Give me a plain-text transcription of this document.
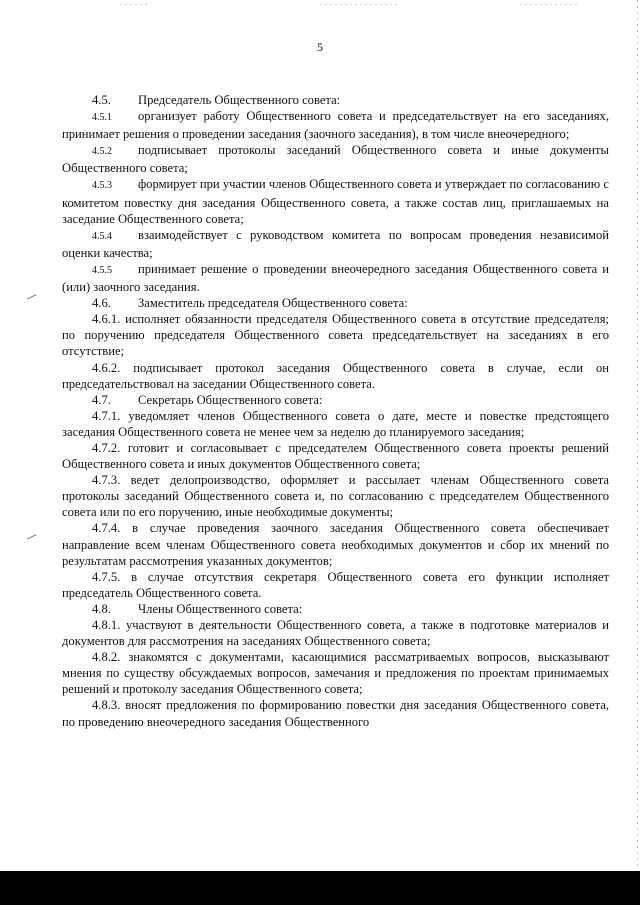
5

4.5. Председатель Общественного совета:

4.5.1 организует работу Общественного совета и председательствует на его заседаниях, принимает решения о проведении заседания (заочного заседания), в том числе внеочередного;

4.5.2 подписывает протоколы заседаний Общественного совета и иные документы Общественного совета;

4.5.3 формирует при участии членов Общественного совета и утверждает по согласованию с комитетом повестку дня заседания Общественного совета, а также состав лиц, приглашаемых на заседание Общественного совета;

4.5.4 взаимодействует с руководством комитета по вопросам проведения независимой оценки качества;

4.5.5 принимает решение о проведении внеочередного заседания Общественного совета и (или) заочного заседания.

4.6. Заместитель председателя Общественного совета:

4.6.1. исполняет обязанности председателя Общественного совета в отсутствие председателя; по поручению председателя Общественного совета председательствует на заседаниях в его отсутствие;

4.6.2. подписывает протокол заседания Общественного совета в случае, если он председательствовал на заседании Общественного совета.

4.7. Секретарь Общественного совета:

4.7.1. уведомляет членов Общественного совета о дате, месте и повестке предстоящего заседания Общественного совета не менее чем за неделю до планируемого заседания;

4.7.2. готовит и согласовывает с председателем Общественного совета проекты решений Общественного совета и иных документов Общественного совета;

4.7.3. ведет делопроизводство, оформляет и рассылает членам Общественного совета протоколы заседаний Общественного совета и, по согласованию с председателем Общественного совета или по его поручению, иные необходимые документы;

4.7.4. в случае проведения заочного заседания Общественного совета обеспечивает направление всем членам Общественного совета необходимых документов и сбор их мнений по результатам рассмотрения указанных документов;

4.7.5. в случае отсутствия секретаря Общественного совета его функции исполняет председатель Общественного совета.

4.8. Члены Общественного совета:

4.8.1. участвуют в деятельности Общественного совета, а также в подготовке материалов и документов для рассмотрения на заседаниях Общественного совета;

4.8.2. знакомятся с документами, касающимися рассматриваемых вопросов, высказывают мнения по существу обсуждаемых вопросов, замечания и предложения по проектам принимаемых решений и протоколу заседания Общественного совета;

4.8.3. вносят предложения по формированию повестки дня заседания Общественного совета, по проведению внеочередного заседания Общественного
